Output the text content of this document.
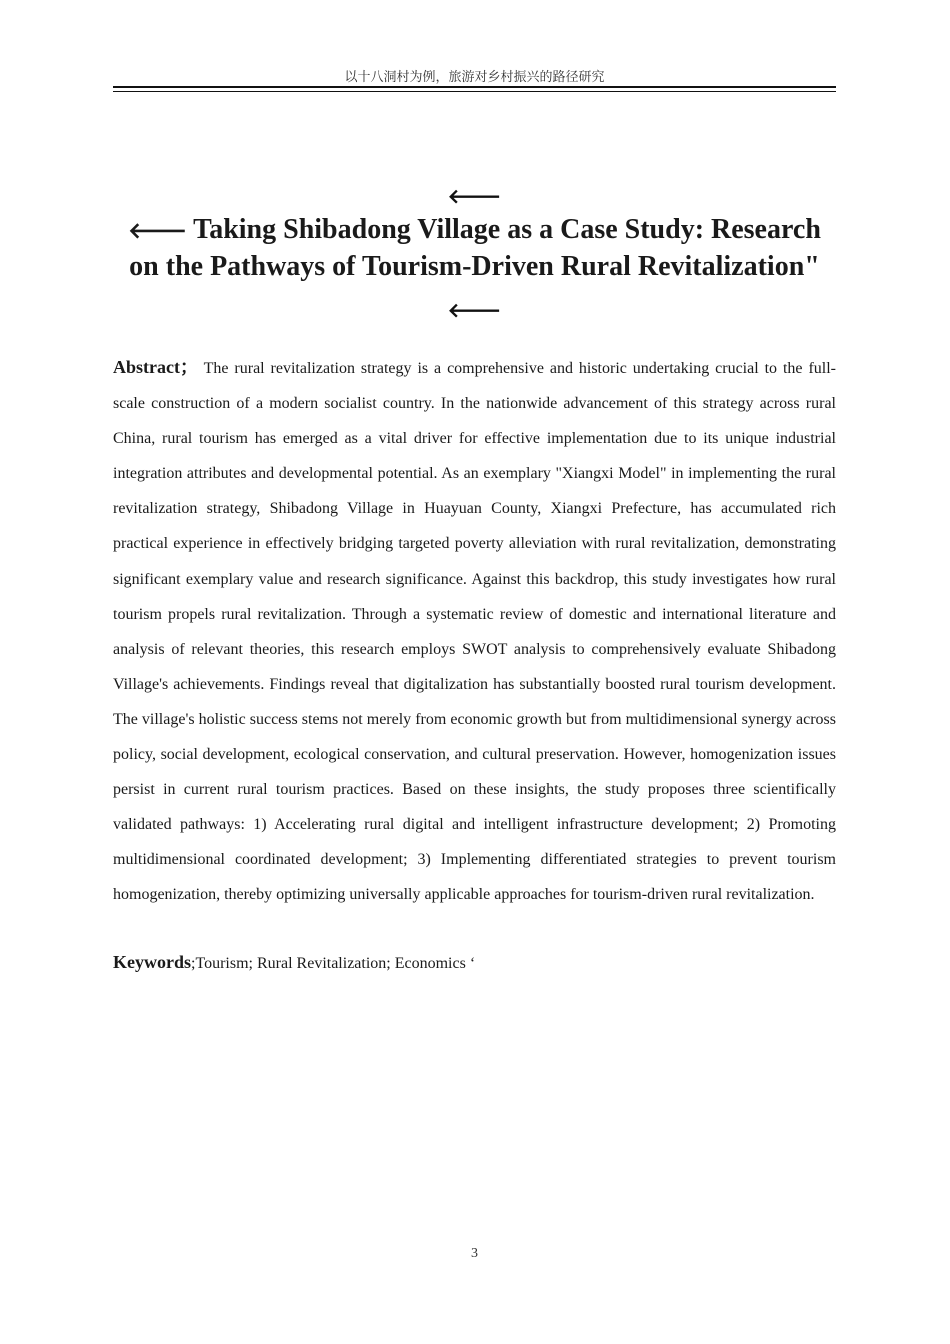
以十八洞村为例，旅游对乡村振兴的路径研究
🡐
🡐 Taking Shibadong Village as a Case Study: Research on the Pathways of Tourism-Driven Rural Revitalization"
🡐
Abstract； The rural revitalization strategy is a comprehensive and historic undertaking crucial to the full-scale construction of a modern socialist country. In the nationwide advancement of this strategy across rural China, rural tourism has emerged as a vital driver for effective implementation due to its unique industrial integration attributes and developmental potential. As an exemplary "Xiangxi Model" in implementing the rural revitalization strategy, Shibadong Village in Huayuan County, Xiangxi Prefecture, has accumulated rich practical experience in effectively bridging targeted poverty alleviation with rural revitalization, demonstrating significant exemplary value and research significance. Against this backdrop, this study investigates how rural tourism propels rural revitalization. Through a systematic review of domestic and international literature and analysis of relevant theories, this research employs SWOT analysis to comprehensively evaluate Shibadong Village's achievements. Findings reveal that digitalization has substantially boosted rural tourism development. The village's holistic success stems not merely from economic growth but from multidimensional synergy across policy, social development, ecological conservation, and cultural preservation. However, homogenization issues persist in current rural tourism practices. Based on these insights, the study proposes three scientifically validated pathways: 1) Accelerating rural digital and intelligent infrastructure development; 2) Promoting multidimensional coordinated development; 3) Implementing differentiated strategies to prevent tourism homogenization, thereby optimizing universally applicable approaches for tourism-driven rural revitalization.
Keywords;Tourism; Rural Revitalization; Economics ‘
3
